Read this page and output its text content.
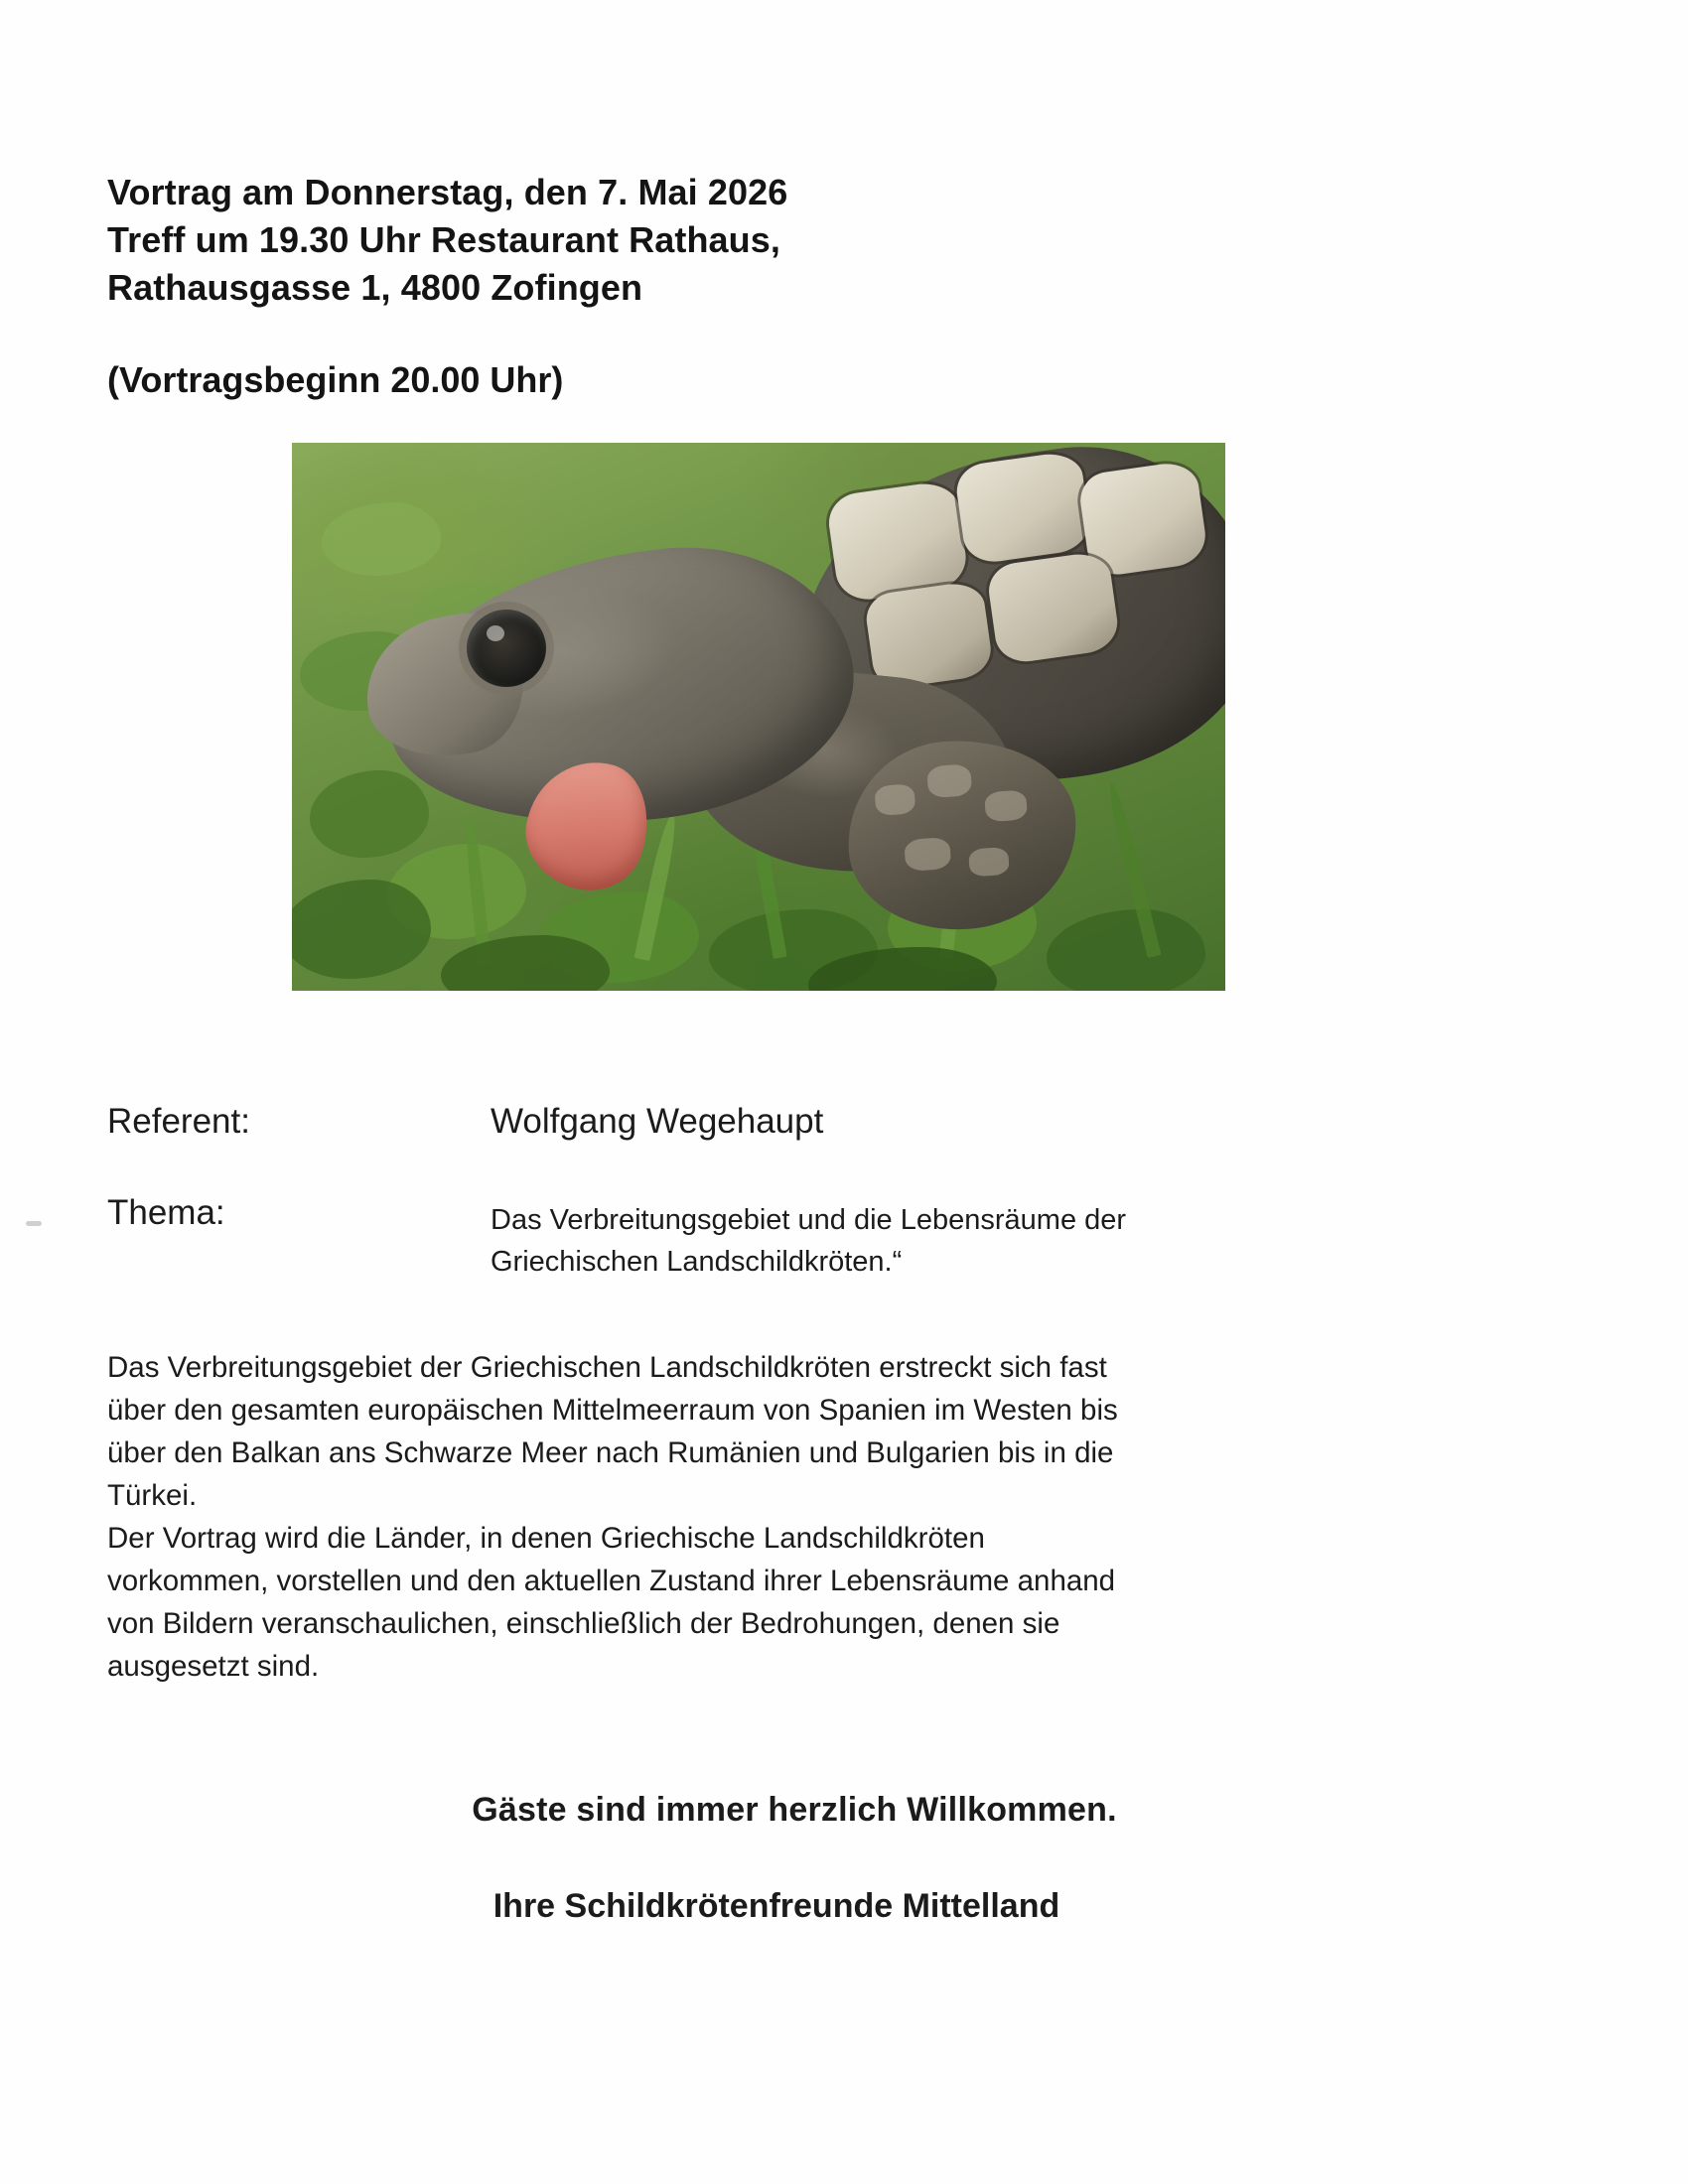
Vortrag am Donnerstag, den 7. Mai 2026
Treff um 19.30 Uhr Restaurant Rathaus,
Rathausgasse 1, 4800 Zofingen
(Vortragsbeginn 20.00 Uhr)
Referent:	Wolfgang Wegehaupt
Thema:	Das Verbreitungsgebiet und die Lebensräume der
Griechischen Landschildkröten.“

Das Verbreitungsgebiet der Griechischen Landschildkröten erstreckt sich fast
über den gesamten europäischen Mittelmeerraum von Spanien im Westen bis
über den Balkan ans Schwarze Meer nach Rumänien und Bulgarien bis in die
Türkei.
Der Vortrag wird die Länder, in denen Griechische Landschildkröten
vorkommen, vorstellen und den aktuellen Zustand ihrer Lebensräume anhand
von Bildern veranschaulichen, einschließlich der Bedrohungen, denen sie
ausgesetzt sind.

Gäste sind immer herzlich Willkommen.
Ihre Schildkrötenfreunde Mittelland
